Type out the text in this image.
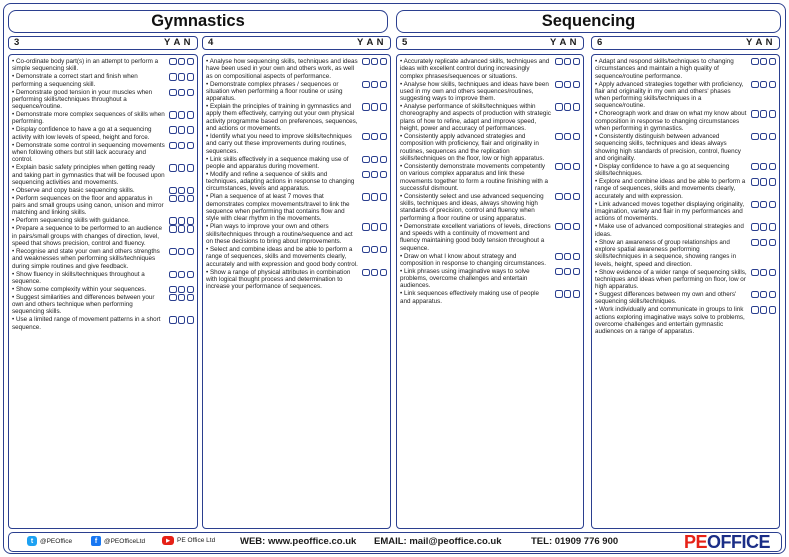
Gymnastics	Sequencing
3	Y A N 4	Y A N 5	Y A N 6	Y A N
• Co-ordinate body part(s) in an attempt to perform a simple sequencing skill.
• Demonstrate a correct start and finish when performing a sequencing skill.
• Demonstrate good tension in your muscles when performing skills/techniques throughout a sequence/routine.
• Demonstrate more complex sequences of skills when performing.
• Display confidence to have a go at a sequencing activity with low levels of speed, height and force.
• Demonstrate some control in sequencing movements when following others but still lack accuracy and control.
• Explain basic safety principles when getting ready and taking part in gymnastics that will be focused upon sequencing activities and movements.
• Observe and copy basic sequencing skills.
• Perform sequences on the floor and apparatus in pairs and small groups using canon, unison and mirror matching and linking skills.
• Perform sequencing skills with guidance.
• Prepare a sequence to be performed to an audience in pairs/small groups with changes of direction, level, speed that shows precision, control and fluency.
• Recognise and state your own and others strengths and weaknesses when performing skills/techniques during simple routines and give feedback.
• Show fluency in skills/techniques throughout a sequence.
• Show some complexity within your sequences.
• Suggest similarities and differences between your own and others technique when performing sequencing skills.
• Use a limited range of movement patterns in a short sequence.
• Analyse how sequencing skills, techniques and ideas have been used in your own and others work, as well as on compositional aspects of performance.
• Demonstrate complex phrases / sequences or situation when performing a floor routine or using apparatus.
• Explain the principles of training in gymnastics and apply them effectively, carrying out your own physical activity programme based on preferences, sequences, and actions or movements.
• Identify what you need to improve skills/techniques and carry out these improvements during routines, sequences.
• Link skills effectively in a sequence making use of people and apparatus during movement.
• Modify and refine a sequence of skills and techniques, adapting actions in response to changing circumstances, levels and apparatus.
• Plan a sequence of at least 7 moves that demonstrates complex movements/travel to link the sequence when performing that contains flow and style with clear rhythm in the movements.
• Plan ways to improve your own and others skills/techniques through a routine/sequence and act on these decisions to bring about improvements.
• Select and combine ideas and be able to perform a range of sequences, skills and movements clearly, accurately and with expression and good body control.
• Show a range of physical attributes in combination with logical thought process and determination to increase your performance of sequences.
• Accurately replicate advanced skills, techniques and ideas with excellent control during increasingly complex phrases/sequences or situations.
• Analyse how skills, techniques and ideas have been used in my own and others sequences/routines, suggesting ways to improve them.
• Analyse performance of skills/techniques within choreography and aspects of production with strategic plans of how to refine, adapt and improve speed, height, power and accuracy of performances.
• Consistently apply advanced strategies and composition with proficiency, flair and originality in routines, sequences and the replication skills/techniques on the floor, low or high apparatus.
• Consistently demonstrate movements competently on various complex apparatus and link these movements together to form a routine finishing with a successful dismount.
• Consistently select and use advanced sequencing skills, techniques and ideas, always showing high standards of precision, control and fluency when performing a floor routine or using apparatus.
• Demonstrate excellent variations of levels, directions and speeds with a continuity of movement and fluency maintaining good body tension throughout a sequence.
• Draw on what I know about strategy and composition in response to changing circumstances.
• Link phrases using imaginative ways to solve problems, overcome challenges and entertain audiences.
• Link sequences effectively making use of people and apparatus.
• Adapt and respond skills/techniques to changing circumstances and maintain a high quality of sequence/routine performance.
• Apply advanced strategies together with proficiency, flair and originality in my own and others' phases when performing skills/techniques in a sequence/routine.
• Choreograph work and draw on what my know about composition in response to changing circumstances when performing in gymnastics.
• Consistently distinguish between advanced sequencing skills, techniques and ideas always showing high standards of precision, control, fluency and originality.
• Display confidence to have a go at sequencing skills/techniques.
• Explore and combine ideas and be able to perform a range of sequences, skills and movements clearly, accurately and with expression.
• Link advanced moves together displaying originality, imagination, variety and flair in my performances and actions of movements.
• Make use of advanced compositional strategies and ideas.
• Show an awareness of group relationships and explore spatial awareness performing skills/techniques in a sequence, showing ranges in levels, height, speed and direction.
• Show evidence of a wider range of sequencing skills, techniques and ideas when performing on floor, low or high apparatus.
• Suggest differences between my own and others' sequencing skills/techniques.
• Work individually and communicate in groups to link actions exploring imaginative ways solve to problems, overcome challenges and entertain gymnastic audiences on a range of apparatus.
t	@PEOffice	f	@PEOfficeLtd	▶	PE Office Ltd	WEB: www.peoffice.co.uk EMAIL: mail@peoffice.co.uk	TEL: 01909 776 900	PEOFFICE
